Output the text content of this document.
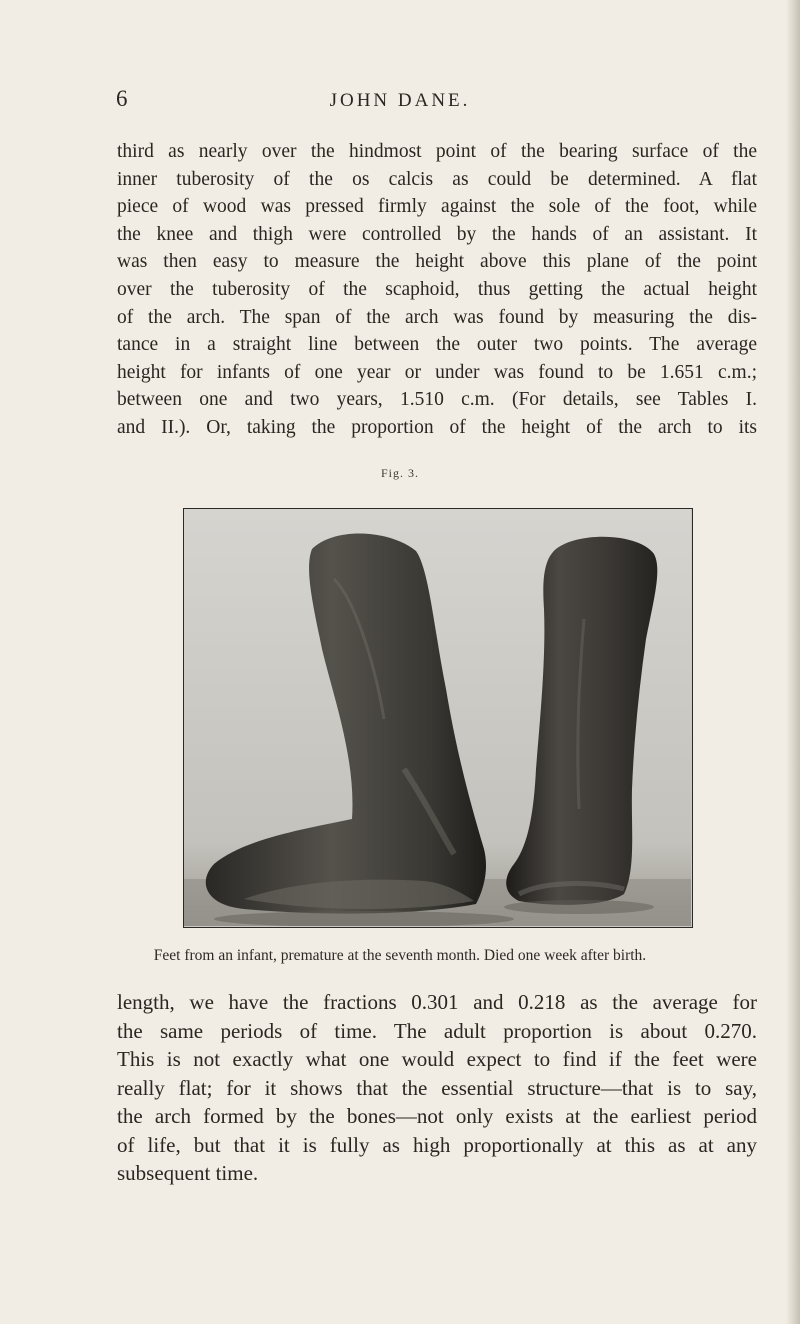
6	JOHN DANE.

third as nearly over the hindmost point of the bearing surface of the
inner tuberosity of the os calcis as could be determined. A flat
piece of wood was pressed firmly against the sole of the foot, while
the knee and thigh were controlled by the hands of an assistant. It
was then easy to measure the height above this plane of the point
over the tuberosity of the scaphoid, thus getting the actual height
of the arch. The span of the arch was found by measuring the dis-
tance in a straight line between the outer two points. The average
height for infants of one year or under was found to be 1.651 c.m.;
between one and two years, 1.510 c.m. (For details, see Tables I.
and II.). Or, taking the proportion of the height of the arch to its

Fig. 3.
Feet from an infant, premature at the seventh month. Died one week after birth.

length, we have the fractions 0.301 and 0.218 as the average for
the same periods of time. The adult proportion is about 0.270.
This is not exactly what one would expect to find if the feet were
really flat; for it shows that the essential structure—that is to say,
the arch formed by the bones—not only exists at the earliest period
of life, but that it is fully as high proportionally at this as at any
subsequent time.
